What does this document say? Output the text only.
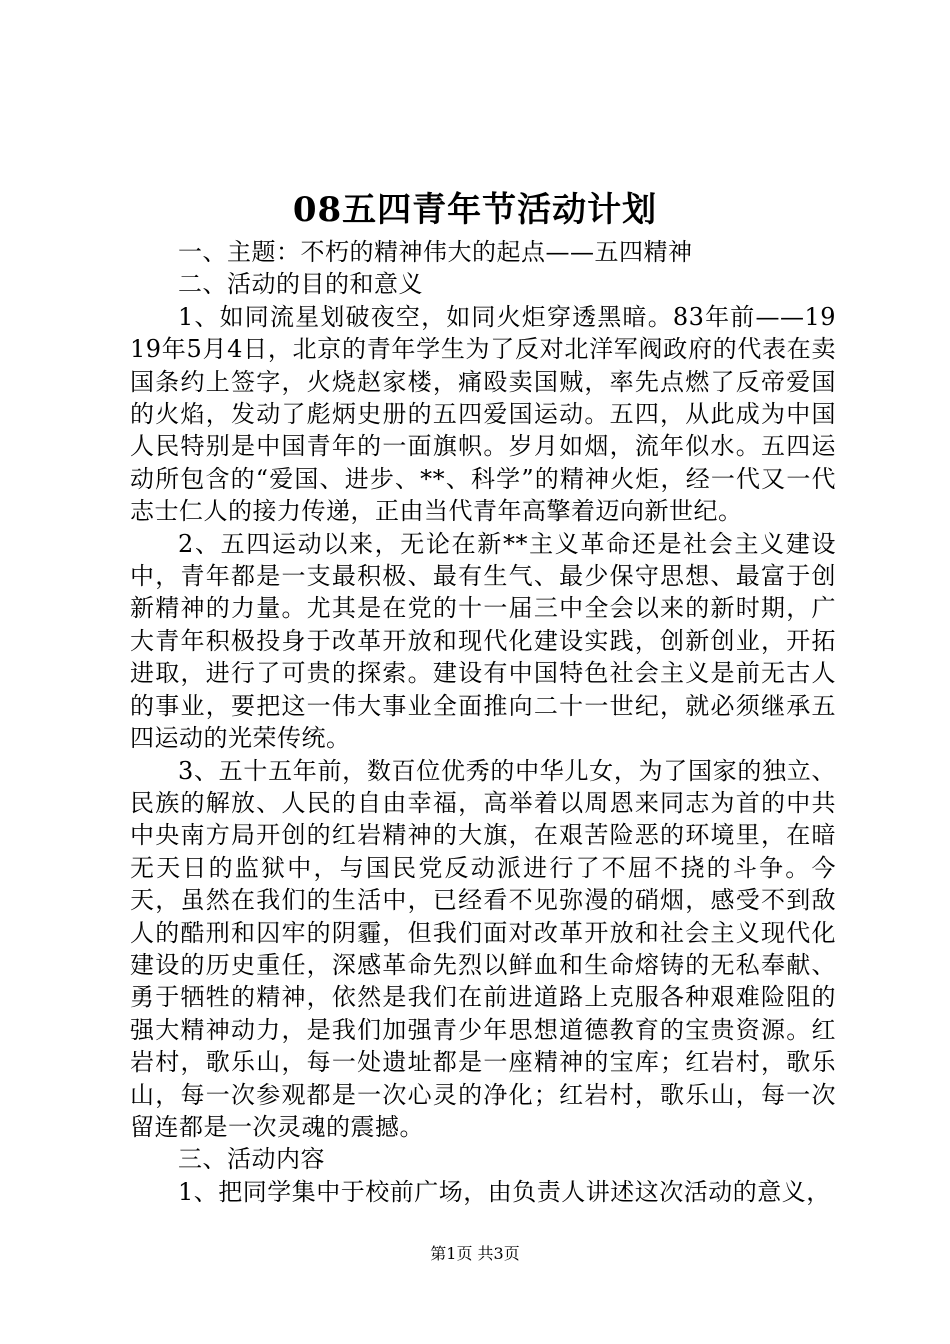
08五四青年节活动计划

一、主题：不朽的精神伟大的起点——五四精神

二、活动的目的和意义

1、如同流星划破夜空，如同火炬穿透黑暗。83年前——1919年5月4日，北京的青年学生为了反对北洋军阀政府的代表在卖国条约上签字，火烧赵家楼，痛殴卖国贼，率先点燃了反帝爱国的火焰，发动了彪炳史册的五四爱国运动。五四，从此成为中国人民特别是中国青年的一面旗帜。岁月如烟，流年似水。五四运动所包含的“爱国、进步、**、科学”的精神火炬，经一代又一代志士仁人的接力传递，正由当代青年高擎着迈向新世纪。

2、五四运动以来，无论在新**主义革命还是社会主义建设中，青年都是一支最积极、最有生气、最少保守思想、最富于创新精神的力量。尤其是在党的十一届三中全会以来的新时期，广大青年积极投身于改革开放和现代化建设实践，创新创业，开拓进取，进行了可贵的探索。建设有中国特色社会主义是前无古人的事业，要把这一伟大事业全面推向二十一世纪，就必须继承五四运动的光荣传统。

3、五十五年前，数百位优秀的中华儿女，为了国家的独立、民族的解放、人民的自由幸福，高举着以周恩来同志为首的中共中央南方局开创的红岩精神的大旗，在艰苦险恶的环境里，在暗无天日的监狱中，与国民党反动派进行了不屈不挠的斗争。今天，虽然在我们的生活中，已经看不见弥漫的硝烟，感受不到敌人的酷刑和囚牢的阴霾，但我们面对改革开放和社会主义现代化建设的历史重任，深感革命先烈以鲜血和生命熔铸的无私奉献、勇于牺牲的精神，依然是我们在前进道路上克服各种艰难险阻的强大精神动力，是我们加强青少年思想道德教育的宝贵资源。红岩村，歌乐山，每一处遗址都是一座精神的宝库；红岩村，歌乐山，每一次参观都是一次心灵的净化；红岩村，歌乐山，每一次留连都是一次灵魂的震撼。

三、活动内容

1、把同学集中于校前广场，由负责人讲述这次活动的意义，

第1页 共3页
